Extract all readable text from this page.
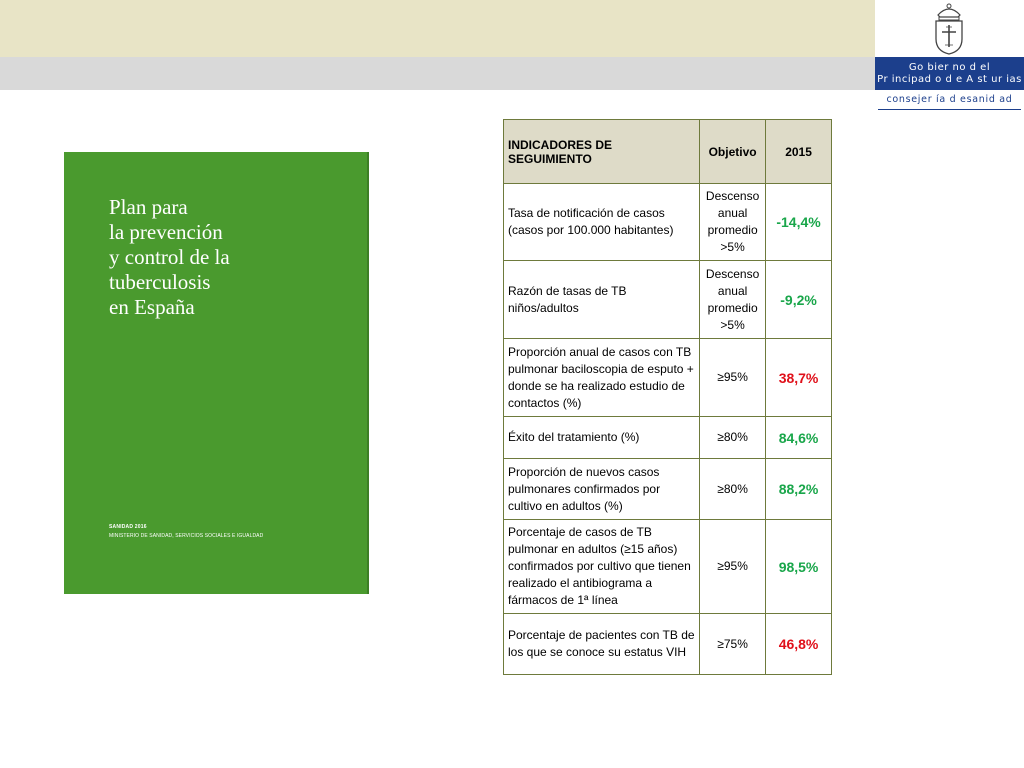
Go bier no d el
Pr incipad o d e A st ur ias
consejer ía d esanid ad
Plan para
la prevención
y control de la
tuberculosis
en España
SANIDAD 2016
MINISTERIO DE SANIDAD, SERVICIOS SOCIALES E IGUALDAD
INDICADORES DE SEGUIMIENTO	Objetivo	2015
Tasa de notificación de casos (casos por 100.000 habitantes)	Descenso anual promedio >5%	-14,4%
Razón de tasas de TB niños/adultos	Descenso anual promedio >5%	-9,2%
Proporción anual de casos con TB pulmonar baciloscopia de esputo + donde se ha realizado estudio de contactos (%)	≥95%	38,7%
Éxito del tratamiento (%)	≥80%	84,6%
Proporción de nuevos casos pulmonares confirmados por cultivo en adultos (%)	≥80%	88,2%
Porcentaje de casos de TB pulmonar en adultos (≥15 años) confirmados por cultivo que tienen realizado el antibiograma a fármacos de 1ª línea	≥95%	98,5%
Porcentaje de pacientes con TB de los que se conoce su estatus VIH	≥75%	46,8%
